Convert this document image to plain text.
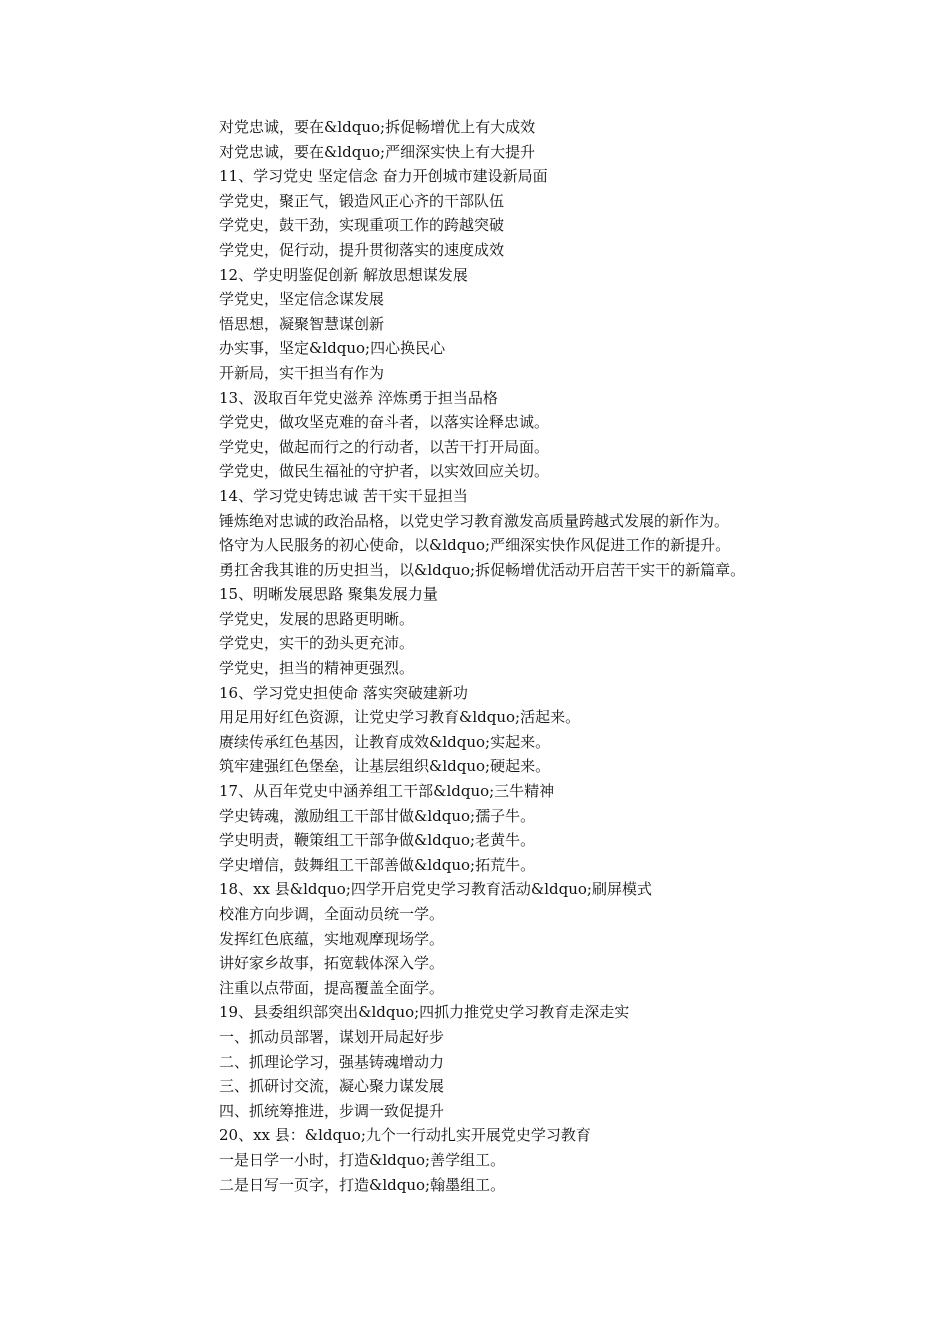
对党忠诚，要在&ldquo;拆促畅增优上有大成效
对党忠诚，要在&ldquo;严细深实快上有大提升
11、学习党史 坚定信念 奋力开创城市建设新局面
学党史，聚正气，锻造风正心齐的干部队伍
学党史，鼓干劲，实现重项工作的跨越突破
学党史，促行动，提升贯彻落实的速度成效
12、学史明鉴促创新 解放思想谋发展
学党史，坚定信念谋发展
悟思想，凝聚智慧谋创新
办实事，坚定&ldquo;四心换民心
开新局，实干担当有作为
13、汲取百年党史滋养 淬炼勇于担当品格
学党史，做攻坚克难的奋斗者，以落实诠释忠诚。
学党史，做起而行之的行动者，以苦干打开局面。
学党史，做民生福祉的守护者，以实效回应关切。
14、学习党史铸忠诚 苦干实干显担当
锤炼绝对忠诚的政治品格，以党史学习教育激发高质量跨越式发展的新作为。
恪守为人民服务的初心使命，以&ldquo;严细深实快作风促进工作的新提升。
勇扛舍我其谁的历史担当，以&ldquo;拆促畅增优活动开启苦干实干的新篇章。
15、明晰发展思路 聚集发展力量
学党史，发展的思路更明晰。
学党史，实干的劲头更充沛。
学党史，担当的精神更强烈。
16、学习党史担使命 落实突破建新功
用足用好红色资源，让党史学习教育&ldquo;活起来。
赓续传承红色基因，让教育成效&ldquo;实起来。
筑牢建强红色堡垒，让基层组织&ldquo;硬起来。
17、从百年党史中涵养组工干部&ldquo;三牛精神
学史铸魂，激励组工干部甘做&ldquo;孺子牛。
学史明责，鞭策组工干部争做&ldquo;老黄牛。
学史增信，鼓舞组工干部善做&ldquo;拓荒牛。
18、xx 县&ldquo;四学开启党史学习教育活动&ldquo;刷屏模式
校准方向步调，全面动员统一学。
发挥红色底蕴，实地观摩现场学。
讲好家乡故事，拓宽载体深入学。
注重以点带面，提高覆盖全面学。
19、县委组织部突出&ldquo;四抓力推党史学习教育走深走实
一、抓动员部署，谋划开局起好步
二、抓理论学习，强基铸魂增动力
三、抓研讨交流，凝心聚力谋发展
四、抓统筹推进，步调一致促提升
20、xx 县：&ldquo;九个一行动扎实开展党史学习教育
一是日学一小时，打造&ldquo;善学组工。
二是日写一页字，打造&ldquo;翰墨组工。
